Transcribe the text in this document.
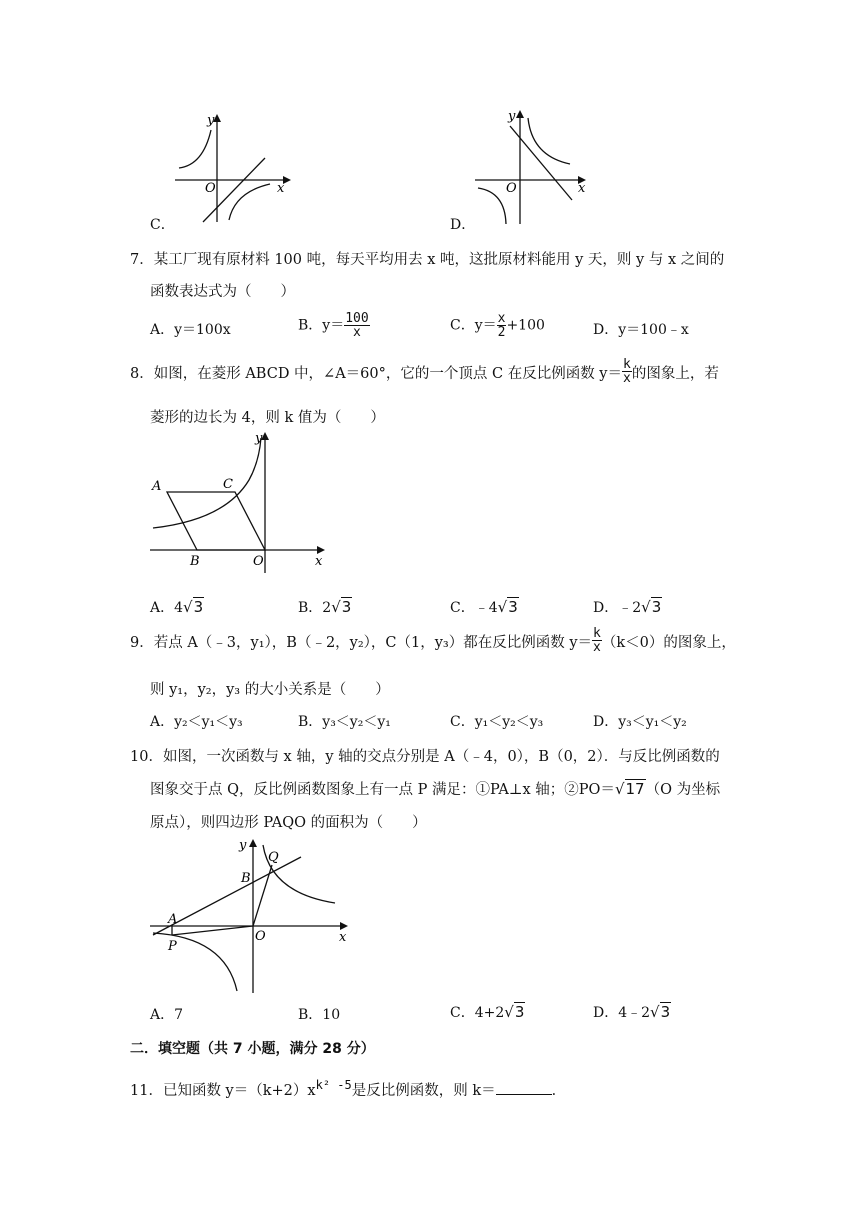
y
x
O
C．
y
x
O
D．
7．某工厂现有原材料 100 吨，每天平均用去 x 吨，这批原材料能用 y 天，则 y 与 x 之间的
函数表达式为（　　）
A．y＝100x	B．$y= \frac{100}{x}$	C．$y= \frac{x}{2} +100$	D．y＝100﹣x
8．如图，在菱形 ABCD 中，∠A＝60°，它的一个顶点 C 在反比例函数 $y= \frac{k}{x}$ 的图象上，若
菱形的边长为 4，则 k 值为（　　）
A	C
B	O	x
y
A．4√3	B．2√3	C．﹣4√3	D．﹣2√3
9．若点 A（﹣3，y₁），B（﹣2，y₂），C（1，y₃）都在反比例函数 $y= \frac{k}{x} (k<0)$的图象上，
则 y₁，y₂，y₃ 的大小关系是（　　）
A．y₂＜y₁＜y₃	B．y₃＜y₂＜y₁	C．y₁＜y₂＜y₃	D．y₃＜y₁＜y₂
10．如图，一次函数与 x 轴，y 轴的交点分别是 A（﹣4，0），B（0，2）．与反比例函数的
图象交于点 Q，反比例函数图象上有一点 P 满足：①PA⊥x 轴；②PO＝√17（O 为坐标
原点），则四边形 PAQO 的面积为（　　）
y
Q
B
A
P
O	x
A．7	B．10	C．4+2√3	D．4﹣2√3
二．填空题（共 7 小题，满分 28 分）
11．已知函数 $y=(k+2)x^{k^2 ‑5}$是反比例函数，则 k＝	．
